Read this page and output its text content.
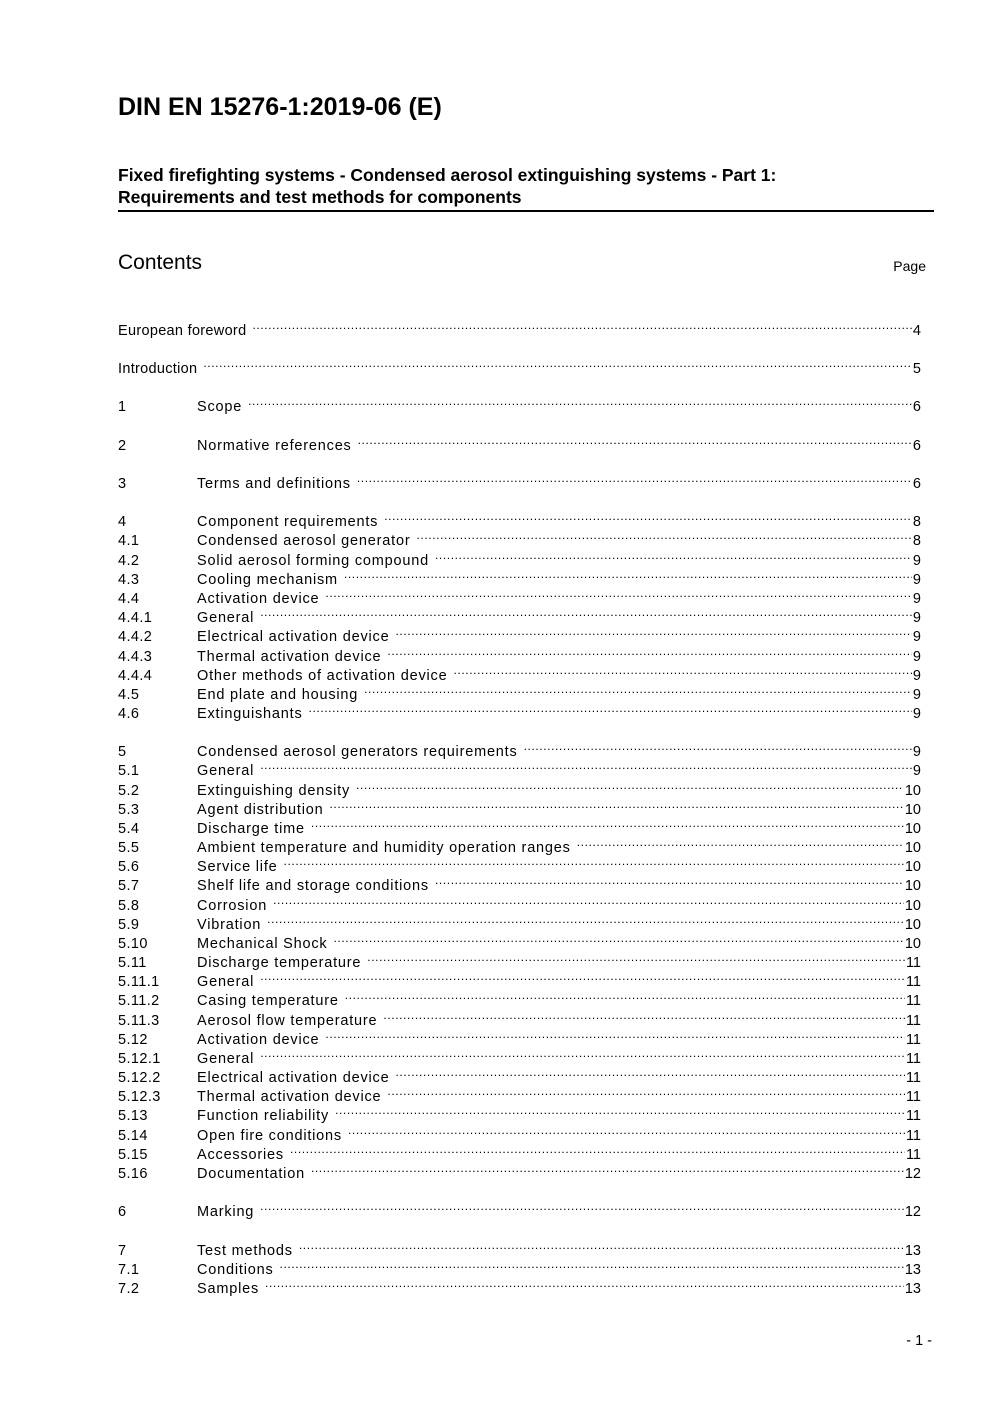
DIN EN 15276-1:2019-06 (E)
Fixed firefighting systems - Condensed aerosol extinguishing systems - Part 1:
Requirements and test methods for components
Contents	Page
European foreword .....	4
Introduction .....	5
1	Scope .....	6
2	Normative references .....	6
3	Terms and definitions .....	6
4	Component requirements .....	8
4.1	Condensed aerosol generator .....	8
4.2	Solid aerosol forming compound .....	9
4.3	Cooling mechanism .....	9
4.4	Activation device .....	9
4.4.1	General .....	9
4.4.2	Electrical activation device .....	9
4.4.3	Thermal activation device .....	9
4.4.4	Other methods of activation device .....	9
4.5	End plate and housing .....	9
4.6	Extinguishants .....	9
5	Condensed aerosol generators requirements .....	9
5.1	General .....	9
5.2	Extinguishing density .....	10
5.3	Agent distribution .....	10
5.4	Discharge time .....	10
5.5	Ambient temperature and humidity operation ranges .....	10
5.6	Service life .....	10
5.7	Shelf life and storage conditions .....	10
5.8	Corrosion .....	10
5.9	Vibration .....	10
5.10	Mechanical Shock .....	10
5.11	Discharge temperature .....	11
5.11.1	General .....	11
5.11.2	Casing temperature .....	11
5.11.3	Aerosol flow temperature .....	11
5.12	Activation device .....	11
5.12.1	General .....	11
5.12.2	Electrical activation device .....	11
5.12.3	Thermal activation device .....	11
5.13	Function reliability .....	11
5.14	Open fire conditions .....	11
5.15	Accessories .....	11
5.16	Documentation .....	12
6	Marking .....	12
7	Test methods .....	13
7.1	Conditions .....	13
7.2	Samples .....	13
- 1 -
